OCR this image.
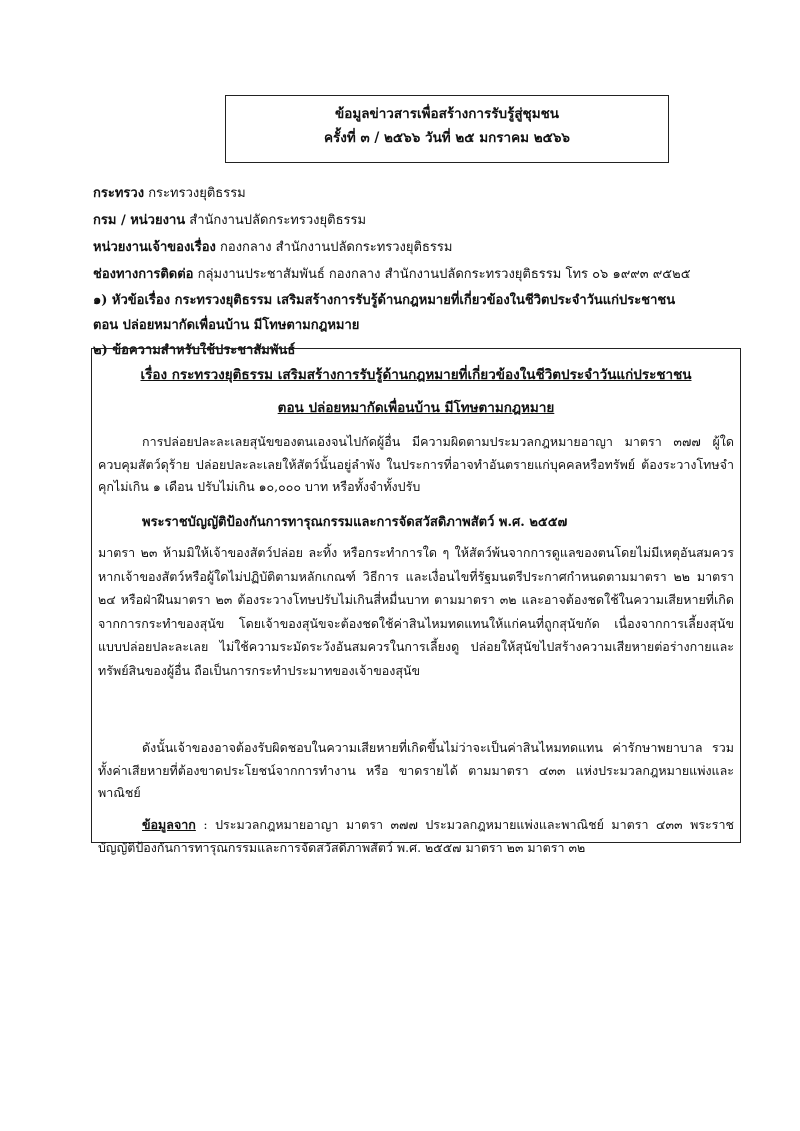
ข้อมูลข่าวสารเพื่อสร้างการรับรู้สู่ชุมชน
ครั้งที่ ๓ / ๒๕๖๖ วันที่ ๒๕ มกราคม ๒๕๖๖
กระทรวง กระทรวงยุติธรรม
กรม / หน่วยงาน สำนักงานปลัดกระทรวงยุติธรรม
หน่วยงานเจ้าของเรื่อง กองกลาง สำนักงานปลัดกระทรวงยุติธรรม
ช่องทางการติดต่อ กลุ่มงานประชาสัมพันธ์ กองกลาง สำนักงานปลัดกระทรวงยุติธรรม โทร ๐๖ ๑๙๙๓ ๙๕๒๕
๑) หัวข้อเรื่อง กระทรวงยุติธรรม เสริมสร้างการรับรู้ด้านกฎหมายที่เกี่ยวข้องในชีวิตประจำวันแก่ประชาชน
ตอน ปล่อยหมากัดเพื่อนบ้าน มีโทษตามกฎหมาย
๒) ข้อความสำหรับใช้ประชาสัมพันธ์
เรื่อง กระทรวงยุติธรรม เสริมสร้างการรับรู้ด้านกฎหมายที่เกี่ยวข้องในชีวิตประจำวันแก่ประชาชน
ตอน ปล่อยหมากัดเพื่อนบ้าน มีโทษตามกฎหมาย
การปล่อยปละละเลยสุนัขของตนเองจนไปกัดผู้อื่น มีความผิดตามประมวลกฎหมายอาญา มาตรา ๓๗๗ ผู้ใดควบคุมสัตว์ดุร้าย ปล่อยปละละเลยให้สัตว์นั้นอยู่ลำพัง ในประการที่อาจทำอันตรายแก่บุคคลหรือทรัพย์ ต้องระวางโทษจำคุกไม่เกิน ๑ เดือน ปรับไม่เกิน ๑๐,๐๐๐ บาท หรือทั้งจำทั้งปรับ
พระราชบัญญัติป้องกันการทารุณกรรมและการจัดสวัสดิภาพสัตว์ พ.ศ. ๒๕๕๗
มาตรา ๒๓ ห้ามมิให้เจ้าของสัตว์ปล่อย ละทิ้ง หรือกระทำการใด ๆ ให้สัตว์พ้นจากการดูแลของตนโดยไม่มีเหตุอันสมควร หากเจ้าของสัตว์หรือผู้ใดไม่ปฏิบัติตามหลักเกณฑ์ วิธีการ และเงื่อนไขที่รัฐมนตรีประกาศกำหนดตามมาตรา ๒๒ มาตรา ๒๔ หรือฝ่าฝืนมาตรา ๒๓ ต้องระวางโทษปรับไม่เกินสี่หมื่นบาท ตามมาตรา ๓๒ และอาจต้องชดใช้ในความเสียหายที่เกิดจากการกระทำของสุนัข โดยเจ้าของสุนัขจะต้องชดใช้ค่าสินไหมทดแทนให้แก่คนที่ถูกสุนัขกัด เนื่องจากการเลี้ยงสุนัขแบบปล่อยปละละเลย ไม่ใช้ความระมัดระวังอันสมควรในการเลี้ยงดู ปล่อยให้สุนัขไปสร้างความเสียหายต่อร่างกายและทรัพย์สินของผู้อื่น ถือเป็นการกระทำประมาทของเจ้าของสุนัข
ดังนั้นเจ้าของอาจต้องรับผิดชอบในความเสียหายที่เกิดขึ้นไม่ว่าจะเป็นค่าสินไหมทดแทน ค่ารักษาพยาบาล รวมทั้งค่าเสียหายที่ต้องขาดประโยชน์จากการทำงาน หรือ ขาดรายได้ ตามมาตรา ๔๓๓ แห่งประมวลกฎหมายแพ่งและพาณิชย์
ข้อมูลจาก : ประมวลกฎหมายอาญา มาตรา ๓๗๗ ประมวลกฎหมายแพ่งและพาณิชย์ มาตรา ๔๓๓ พระราชบัญญัติป้องกันการทารุณกรรมและการจัดสวัสดิภาพสัตว์ พ.ศ. ๒๕๕๗ มาตรา ๒๓ มาตรา ๓๒
